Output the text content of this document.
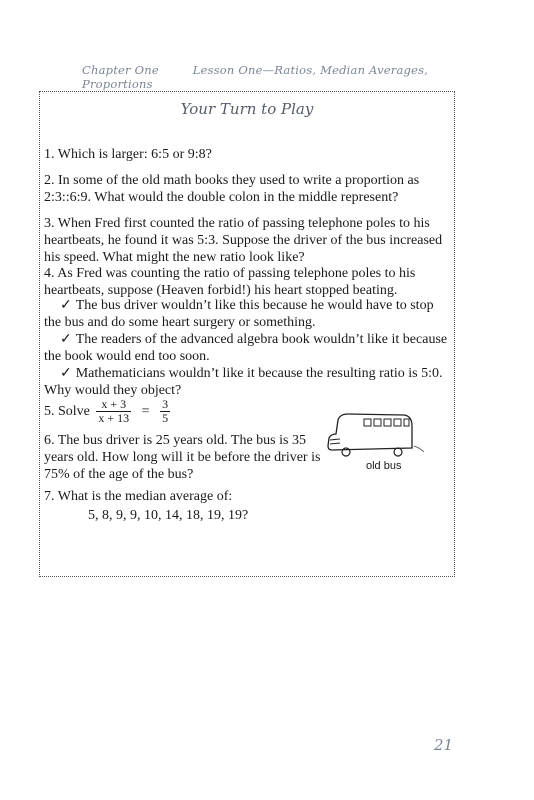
Chapter One	Lesson One—Ratios, Median Averages, Proportions
Your Turn to Play

1. Which is larger: 6:5 or 9:8?

2. In some of the old math books they used to write a proportion as 2:3::6:9. What would the double colon in the middle represent?

3. When Fred first counted the ratio of passing telephone poles to his heartbeats, he found it was 5:3. Suppose the driver of the bus increased his speed. What might the new ratio look like?

4. As Fred was counting the ratio of passing telephone poles to his heartbeats, suppose (Heaven forbid!) his heart stopped beating.

✓ The bus driver wouldn’t like this because he would have to stop the bus and do some heart surgery or something.

✓ The readers of the advanced algebra book wouldn’t like it because the book would end too soon.

✓ Mathematicians wouldn’t like it because the resulting ratio is 5:0. Why would they object?

5. Solve $\frac{x + 3}{x + 13} = \frac{3}{5}$

6. The bus driver is 25 years old. The bus is 35 years old. How long will it be before the driver is 75% of the age of the bus?

old bus

7. What is the median average of:

5, 8, 9, 9, 10, 14, 18, 19, 19?
21
